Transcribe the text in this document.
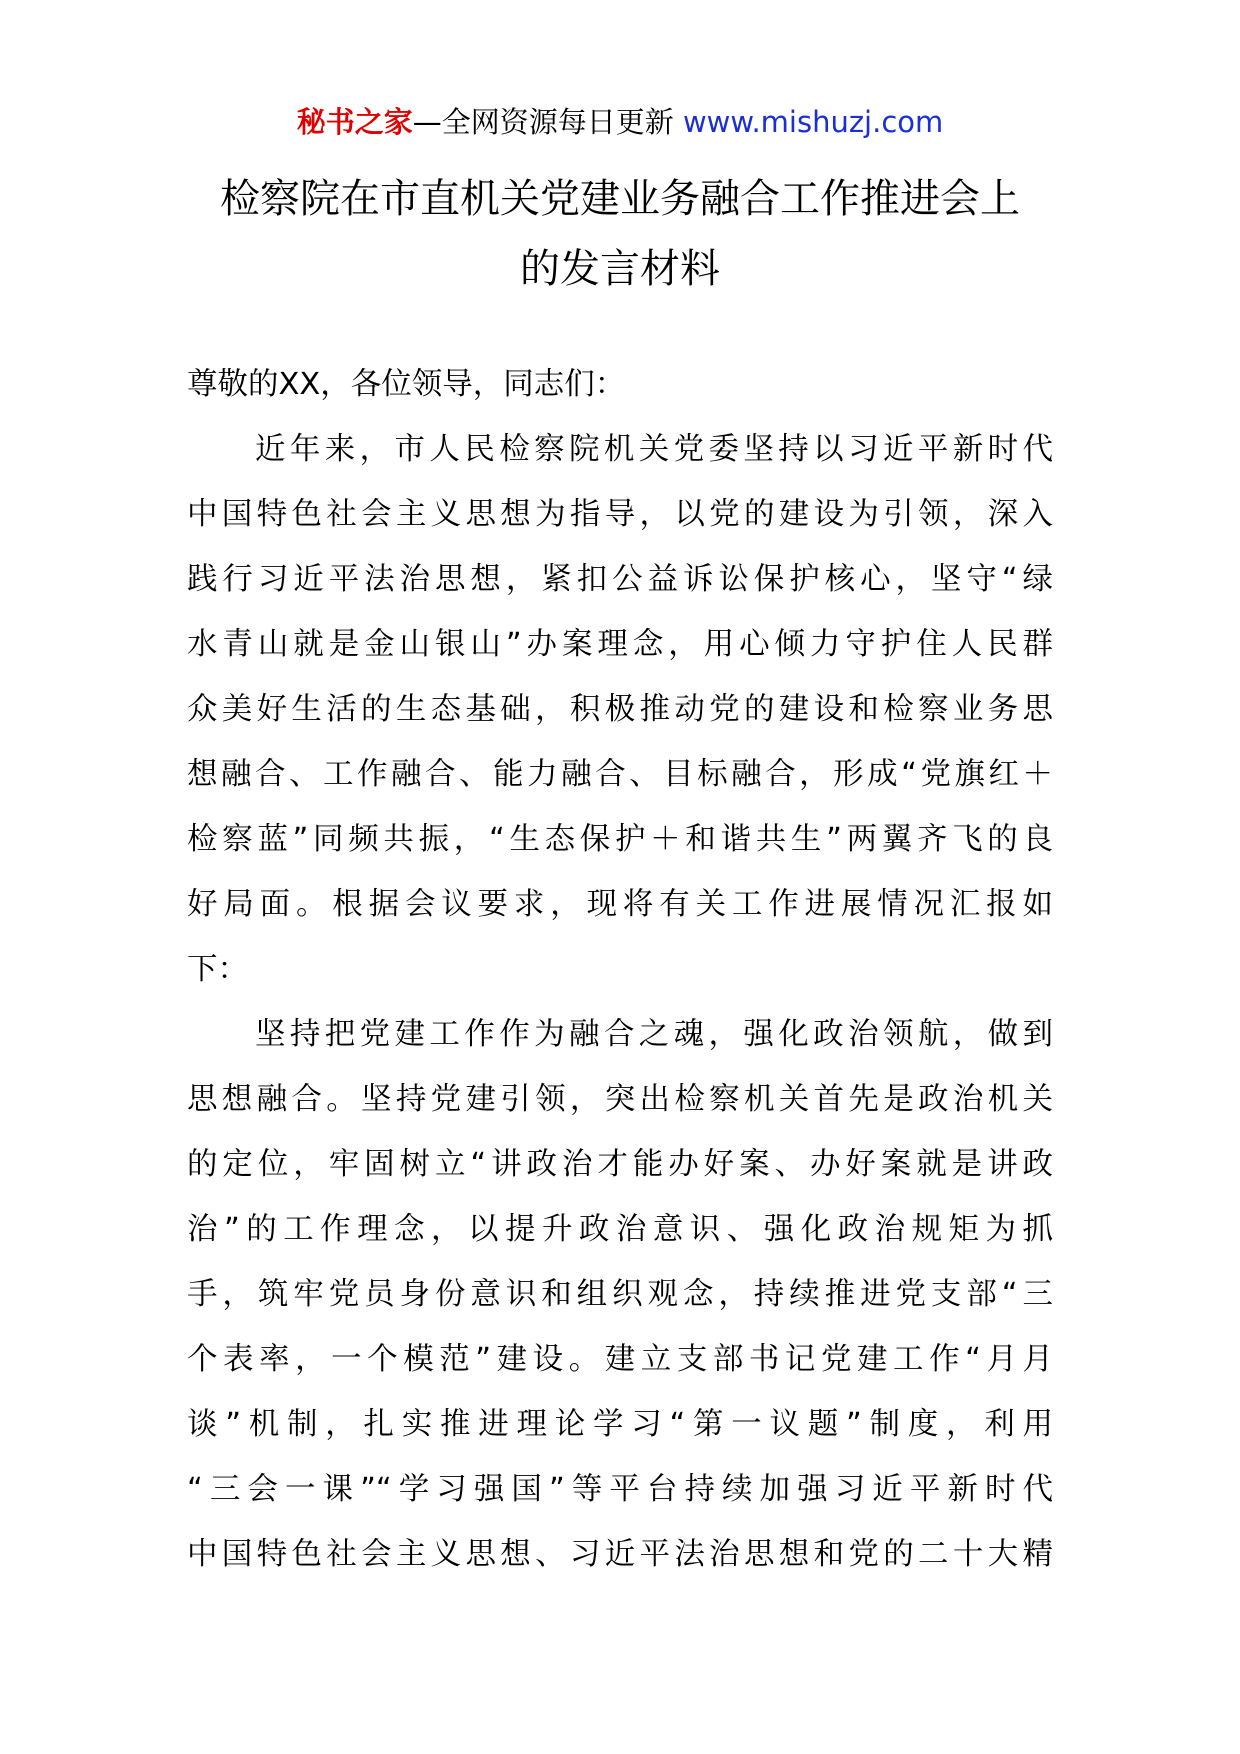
秘书之家—全网资源每日更新 www.mishuzj.com
检察院在市直机关党建业务融合工作推进会上
的发言材料
尊敬的XX，各位领导，同志们：
近年来，市人民检察院机关党委坚持以习近平新时代
中国特色社会主义思想为指导，以党的建设为引领，深入
践行习近平法治思想，紧扣公益诉讼保护核心，坚守“绿
水青山就是金山银山”办案理念，用心倾力守护住人民群
众美好生活的生态基础，积极推动党的建设和检察业务思
想融合、工作融合、能力融合、目标融合，形成“党旗红＋
检察蓝”同频共振，“生态保护＋和谐共生”两翼齐飞的良
好局面。根据会议要求，现将有关工作进展情况汇报如
下：
坚持把党建工作作为融合之魂，强化政治领航，做到
思想融合。坚持党建引领，突出检察机关首先是政治机关
的定位，牢固树立“讲政治才能办好案、办好案就是讲政
治”的工作理念，以提升政治意识、强化政治规矩为抓
手，筑牢党员身份意识和组织观念，持续推进党支部“三
个表率，一个模范”建设。建立支部书记党建工作“月月
谈”机制，扎实推进理论学习“第一议题”制度，利用
“三会一课”“学习强国”等平台持续加强习近平新时代
中国特色社会主义思想、习近平法治思想和党的二十大精
